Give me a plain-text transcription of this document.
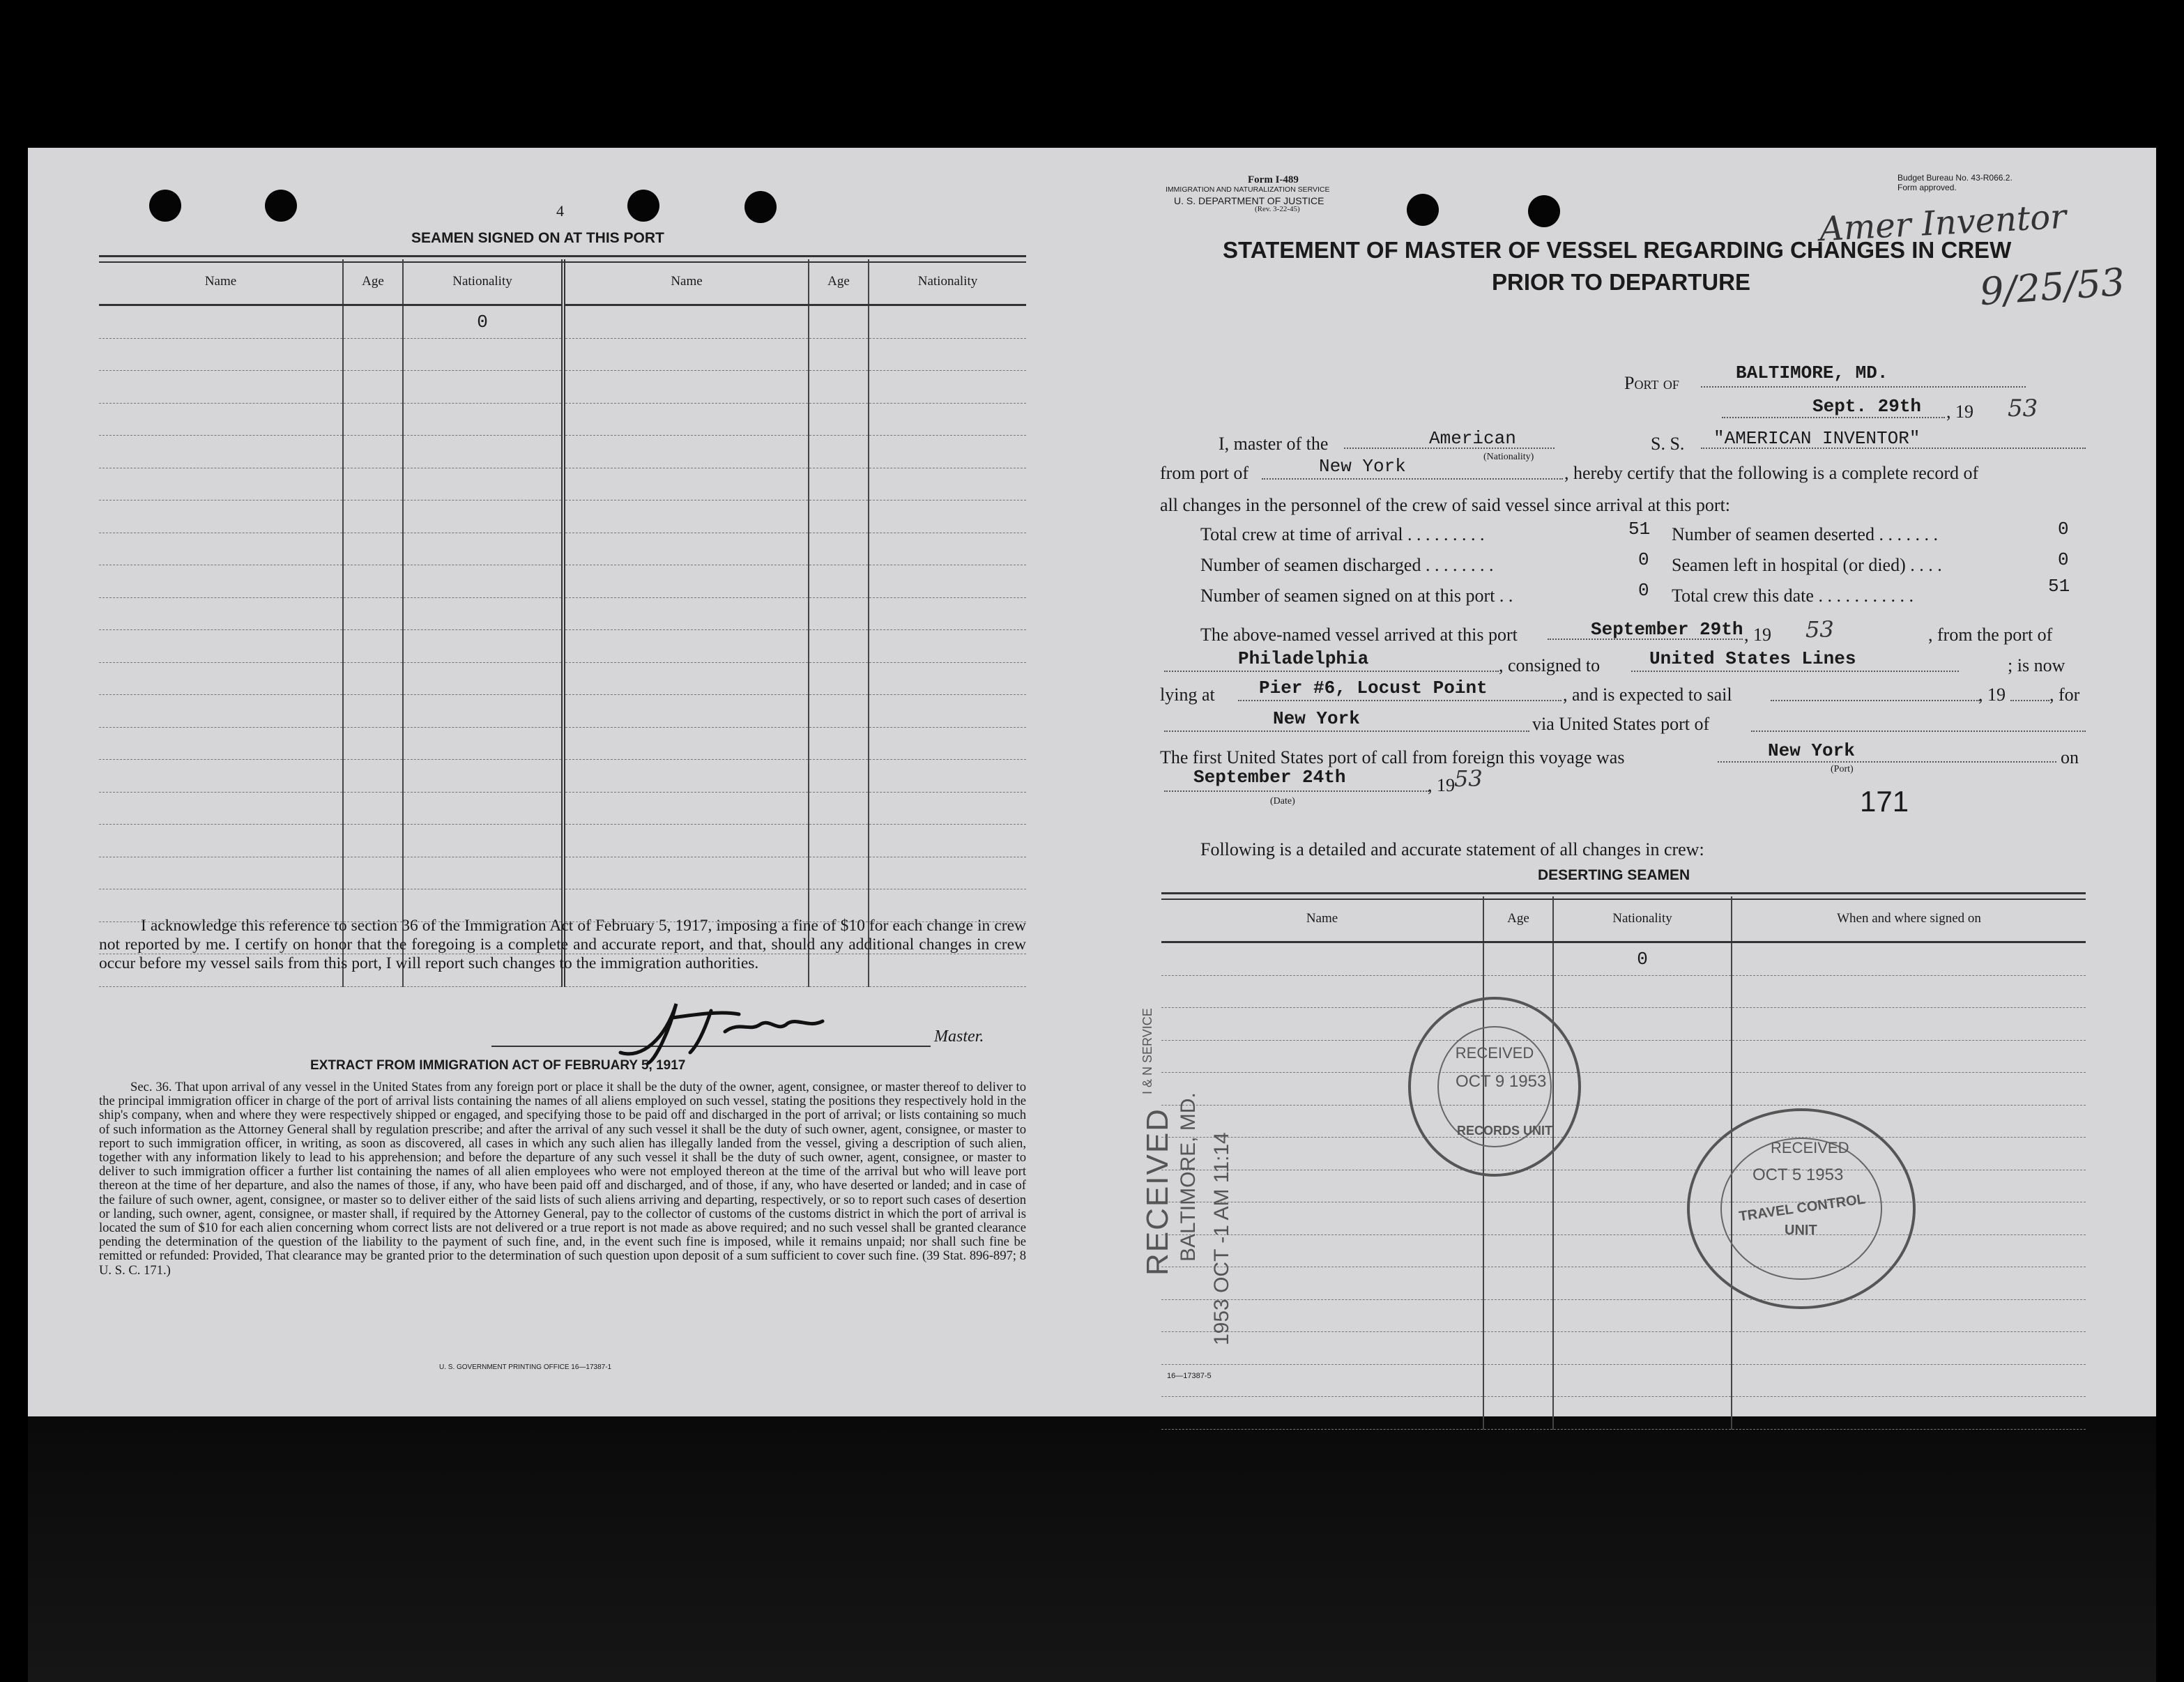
4
SEAMEN SIGNED ON AT THIS PORT
Name	Age	Nationality	Name	Age	Nationality
		0			

I acknowledge this reference to section 36 of the Immigration Act of February 5, 1917, imposing a fine of $10 for each change in crew not reported by me. I certify on honor that the foregoing is a complete and accurate report, and that, should any additional changes in crew occur before my vessel sails from this port, I will report such changes to the immigration authorities.
Master.
EXTRACT FROM IMMIGRATION ACT OF FEBRUARY 5, 1917
Sec. 36. That upon arrival of any vessel in the United States from any foreign port or place it shall be the duty of the owner, agent, consignee, or master thereof to deliver to the principal immigration officer in charge of the port of arrival lists containing the names of all aliens employed on such vessel, stating the positions they respectively hold in the ship's company, when and where they were respectively shipped or engaged, and specifying those to be paid off and discharged in the port of arrival; or lists containing so much of such information as the Attorney General shall by regulation prescribe; and after the arrival of any such vessel it shall be the duty of such owner, agent, consignee, or master to report to such immigration officer, in writing, as soon as discovered, all cases in which any such alien has illegally landed from the vessel, giving a description of such alien, together with any information likely to lead to his apprehension; and before the departure of any such vessel it shall be the duty of such owner, agent, consignee, or master to deliver to such immigration officer a further list containing the names of all alien employees who were not employed thereon at the time of the arrival but who will leave port thereon at the time of her departure, and also the names of those, if any, who have been paid off and discharged, and of those, if any, who have deserted or landed; and in case of the failure of such owner, agent, consignee, or master so to deliver either of the said lists of such aliens arriving and departing, respectively, or so to report such cases of desertion or landing, such owner, agent, consignee, or master shall, if required by the Attorney General, pay to the collector of customs of the customs district in which the port of arrival is located the sum of $10 for each alien concerning whom correct lists are not delivered or a true report is not made as above required; and no such vessel shall be granted clearance pending the determination of the question of the liability to the payment of such fine, and, in the event such fine is imposed, while it remains unpaid; nor shall such fine be remitted or refunded: Provided, That clearance may be granted prior to the determination of such question upon deposit of a sum sufficient to cover such fine. (39 Stat. 896-897; 8 U. S. C. 171.)
U. S. GOVERNMENT PRINTING OFFICE 16—17387-1
Form I-489
IMMIGRATION AND NATURALIZATION SERVICE
U. S. DEPARTMENT OF JUSTICE
(Rev. 3-22-45)
Budget Bureau No. 43-R066.2.
Form approved.
Amer Inventor
9/25/53
STATEMENT OF MASTER OF VESSEL REGARDING CHANGES IN CREW
PRIOR TO DEPARTURE
Port of	BALTIMORE, MD.
Sept. 29th , 19 53
I, master of the	American
(Nationality)
S. S. "AMERICAN INVENTOR"
from port of	New York	, hereby certify that the following is a complete record of
all changes in the personnel of the crew of said vessel since arrival at this port:
Total crew at time of arrival . . . . . . . . .	51 Number of seamen deserted . . . . . . .	0
Number of seamen discharged . . . . . . . .	0 Seamen left in hospital (or died) . . . .	0
Number of seamen signed on at this port . .	0 Total crew this date . . . . . . . . . . .	51
The above-named vessel arrived at this port	September 29th , 19 53	, from the port of
Philadelphia	, consigned to	United States Lines	; is now
lying at Pier #6, Locust Point	, and is expected to sail	, 19 , for
New York	via United States port of
The first United States port of call from foreign this voyage was	New York	on
(Port)
September 24th	, 19 53
(Date)	171
Following is a detailed and accurate statement of all changes in crew:
DESERTING SEAMEN
Name	Age	Nationality	When and where signed on
		0	

16—17387-5
RECEIVED
I & N SERVICE
BALTIMORE, MD. 1953 OCT -1 AM 11:14
RECEIVED
OCT 9 1953
RECORDS UNIT
RECEIVED
OCT 5 1953
TRAVEL CONTROL
UNIT
